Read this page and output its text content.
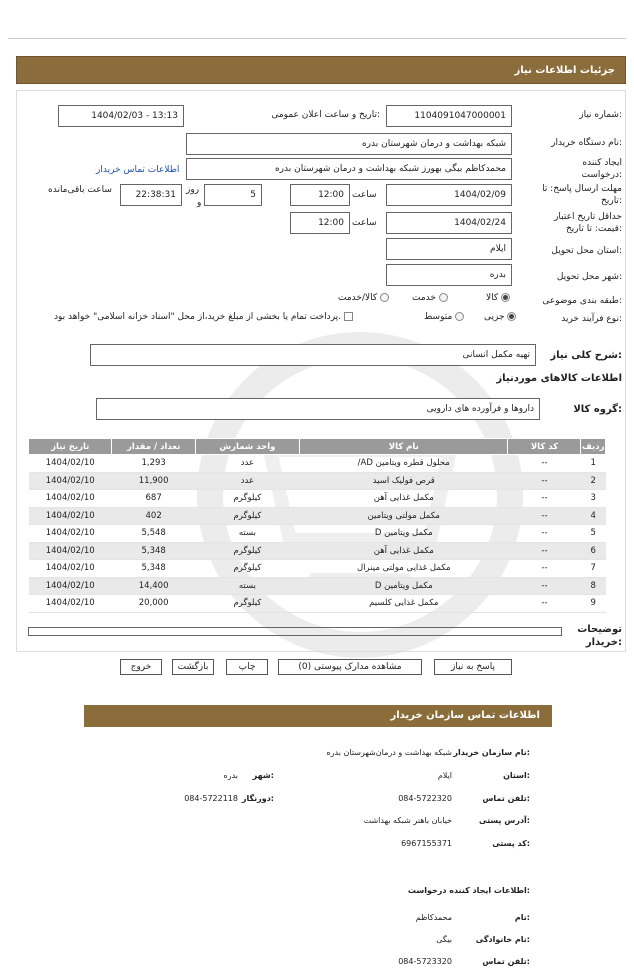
جزئیات اطلاعات نیاز
شماره نیاز:
1104091047000001
تاریخ و ساعت اعلان عمومی:
1404/02/03 - 13:13
نام دستگاه خریدار:
شبکه بهداشت و درمان شهرستان بدره
ایجاد کننده
درخواست:
محمدکاظم بیگی بهورز شبکه بهداشت و درمان شهرستان بدره
اطلاعات تماس خریدار
مهلت ارسال پاسخ: تا
تاریخ:
1404/02/09
ساعت
12:00
5
روز
و
22:38:31
ساعت باقی‌مانده
حداقل تاریخ اعتبار
قیمت: تا تاریخ:
1404/02/24
ساعت
12:00
استان محل تحویل:
ایلام
شهر محل تحویل:
بدره
طبقه بندی موضوعی:
کالا
خدمت
کالا/خدمت
نوع فرآیند خرید:
جزیی
متوسط
پرداخت تمام یا بخشی از مبلغ خرید،از محل "اسناد خزانه اسلامی" خواهد بود.
شرح کلی نیاز:
تهیه مکمل انسانی
اطلاعات کالاهای موردنیاز
گروه کالا:
داروها و فرآورده های دارویی
ردیف	کد کالا	نام کالا	واحد شمارش	تعداد / مقدار	تاریخ نیاز
1	--	محلول قطره ویتامین AD/	عدد	1,293	1404/02/10
2	--	قرص فولیک اسید	عدد	11,900	1404/02/10
3	--	مکمل غذایی آهن	کیلوگرم	687	1404/02/10
4	--	مکمل مولتی ویتامین	کیلوگرم	402	1404/02/10
5	--	مکمل ویتامین D	بسته	5,548	1404/02/10
6	--	مکمل غذایی آهن	کیلوگرم	5,348	1404/02/10
7	--	مکمل غذایی مولتی مینرال	کیلوگرم	5,348	1404/02/10
8	--	مکمل ویتامین D	بسته	14,400	1404/02/10
9	--	مکمل غذایی کلسیم	کیلوگرم	20,000	1404/02/10
توضیحات
خریدار:
پاسخ به نیاز
مشاهده مدارک پیوستی (0)
چاپ
بازگشت
خروج
اطلاعات تماس سازمان خریدار
نام سازمان خریدار:
شبکه بهداشت و درمان‌شهرستان بدره
استان:
ایلام
شهر:
بدره
تلفن تماس:
084-5722320
دورنگار:
084-5722118
آدرس پستی:
خیابان باهنر شبکه بهداشت
کد پستی:
6967155371
اطلاعات ایجاد کننده درخواست:
نام:
محمدکاظم
نام خانوادگی:
بیگی
تلفن تماس:
084-5723320
